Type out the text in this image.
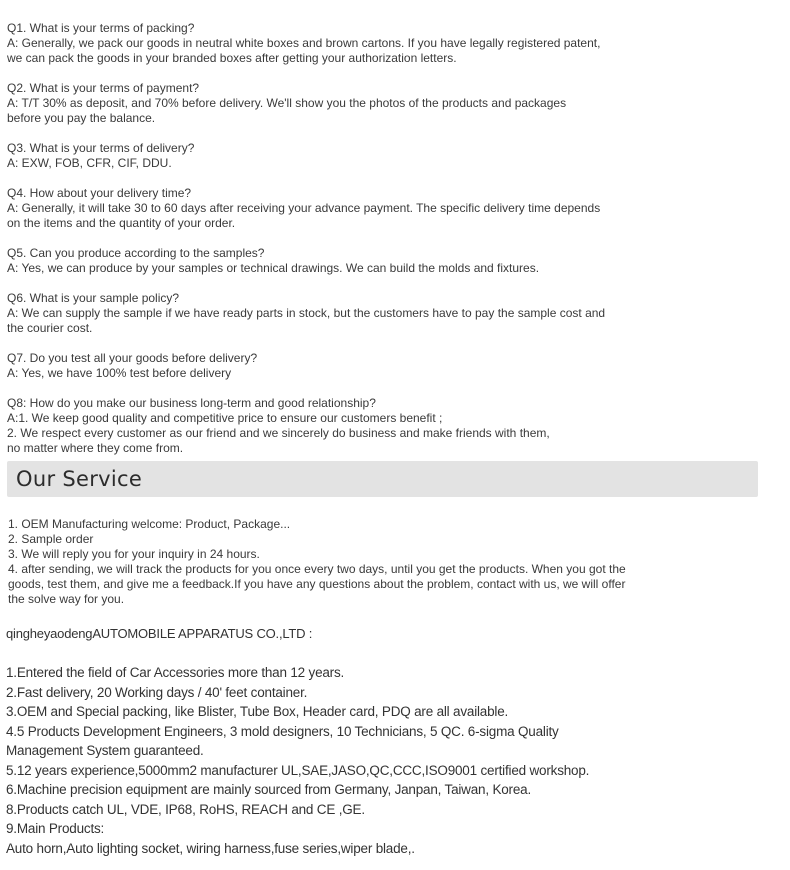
Q1. What is your terms of packing?
A: Generally, we pack our goods in neutral white boxes and brown cartons. If you have legally registered patent,
we can pack the goods in your branded boxes after getting your authorization letters.
Q2. What is your terms of payment?
A: T/T 30% as deposit, and 70% before delivery. We'll show you the photos of the products and packages
before you pay the balance.
Q3. What is your terms of delivery?
A: EXW, FOB, CFR, CIF, DDU.
Q4. How about your delivery time?
A: Generally, it will take 30 to 60 days after receiving your advance payment. The specific delivery time depends
on the items and the quantity of your order.
Q5. Can you produce according to the samples?
A: Yes, we can produce by your samples or technical drawings. We can build the molds and fixtures.
Q6. What is your sample policy?
A: We can supply the sample if we have ready parts in stock, but the customers have to pay the sample cost and
the courier cost.
Q7. Do you test all your goods before delivery?
A: Yes, we have 100% test before delivery
Q8: How do you make our business long-term and good relationship?
A:1. We keep good quality and competitive price to ensure our customers benefit ;
2. We respect every customer as our friend and we sincerely do business and make friends with them,
no matter where they come from.
Our Service
1. OEM Manufacturing welcome: Product, Package...
2. Sample order
3. We will reply you for your inquiry in 24 hours.
4. after sending, we will track the products for you once every two days, until you get the products. When you got the
goods, test them, and give me a feedback.If you have any questions about the problem, contact with us, we will offer
the solve way for you.
qingheyaodengAUTOMOBILE APPARATUS CO.,LTD :
1.Entered the field of Car Accessories more than 12 years.
2.Fast delivery, 20 Working days / 40' feet container.
3.OEM and Special packing, like Blister, Tube Box, Header card, PDQ are all available.
4.5 Products Development Engineers, 3 mold designers, 10 Technicians, 5 QC. 6-sigma Quality
Management System guaranteed.
5.12 years experience,5000mm2 manufacturer UL,SAE,JASO,QC,CCC,ISO9001 certified workshop.
6.Machine precision equipment are mainly sourced from Germany, Janpan, Taiwan, Korea.
8.Products catch UL, VDE, IP68, RoHS, REACH and CE ,GE.
9.Main Products:
Auto horn,Auto lighting socket, wiring harness,fuse series,wiper blade,.
